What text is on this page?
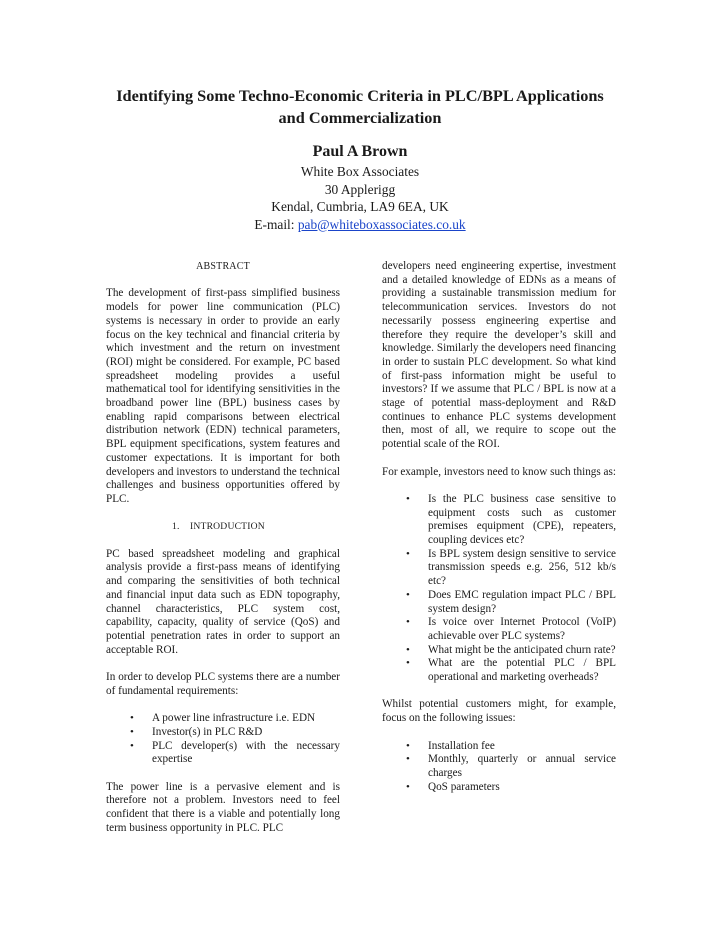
Identifying Some Techno-Economic Criteria in PLC/BPL Applications
and Commercialization

Paul A Brown

White Box Associates

30 Applerigg

Kendal, Cumbria, LA9 6EA, UK

E-mail: pab@whiteboxassociates.co.uk

ABSTRACT

The development of first-pass simplified business models for power line communication (PLC) systems is necessary in order to provide an early focus on the key technical and financial criteria by which investment and the return on investment (ROI) might be considered. For example, PC based spreadsheet modeling provides a useful mathematical tool for identifying sensitivities in the broadband power line (BPL) business cases by enabling rapid comparisons between electrical distribution network (EDN) technical parameters, BPL equipment specifications, system features and customer expectations. It is important for both developers and investors to understand the technical challenges and business opportunities offered by PLC.

1. INTRODUCTION

PC based spreadsheet modeling and graphical analysis provide a first-pass means of identifying and comparing the sensitivities of both technical and financial input data such as EDN topography, channel characteristics, PLC system cost, capability, capacity, quality of service (QoS) and potential penetration rates in order to support an acceptable ROI.

In order to develop PLC systems there are a number of fundamental requirements:

• A power line infrastructure i.e. EDN
• Investor(s) in PLC R&D
• PLC developer(s) with the necessary expertise

The power line is a pervasive element and is therefore not a problem. Investors need to feel confident that there is a viable and potentially long term business opportunity in PLC. PLC

developers need engineering expertise, investment and a detailed knowledge of EDNs as a means of providing a sustainable transmission medium for telecommunication services. Investors do not necessarily possess engineering expertise and therefore they require the developer’s skill and knowledge. Similarly the developers need financing in order to sustain PLC development. So what kind of first-pass information might be useful to investors? If we assume that PLC / BPL is now at a stage of potential mass-deployment and R&D continues to enhance PLC systems development then, most of all, we require to scope out the potential scale of the ROI.

For example, investors need to know such things as:

• Is the PLC business case sensitive to equipment costs such as customer premises equipment (CPE), repeaters, coupling devices etc?
• Is BPL system design sensitive to service transmission speeds e.g. 256, 512 kb/s etc?
• Does EMC regulation impact PLC / BPL system design?
• Is voice over Internet Protocol (VoIP) achievable over PLC systems?
• What might be the anticipated churn rate?
• What are the potential PLC / BPL operational and marketing overheads?

Whilst potential customers might, for example, focus on the following issues:

• Installation fee
• Monthly, quarterly or annual service charges
• QoS parameters
